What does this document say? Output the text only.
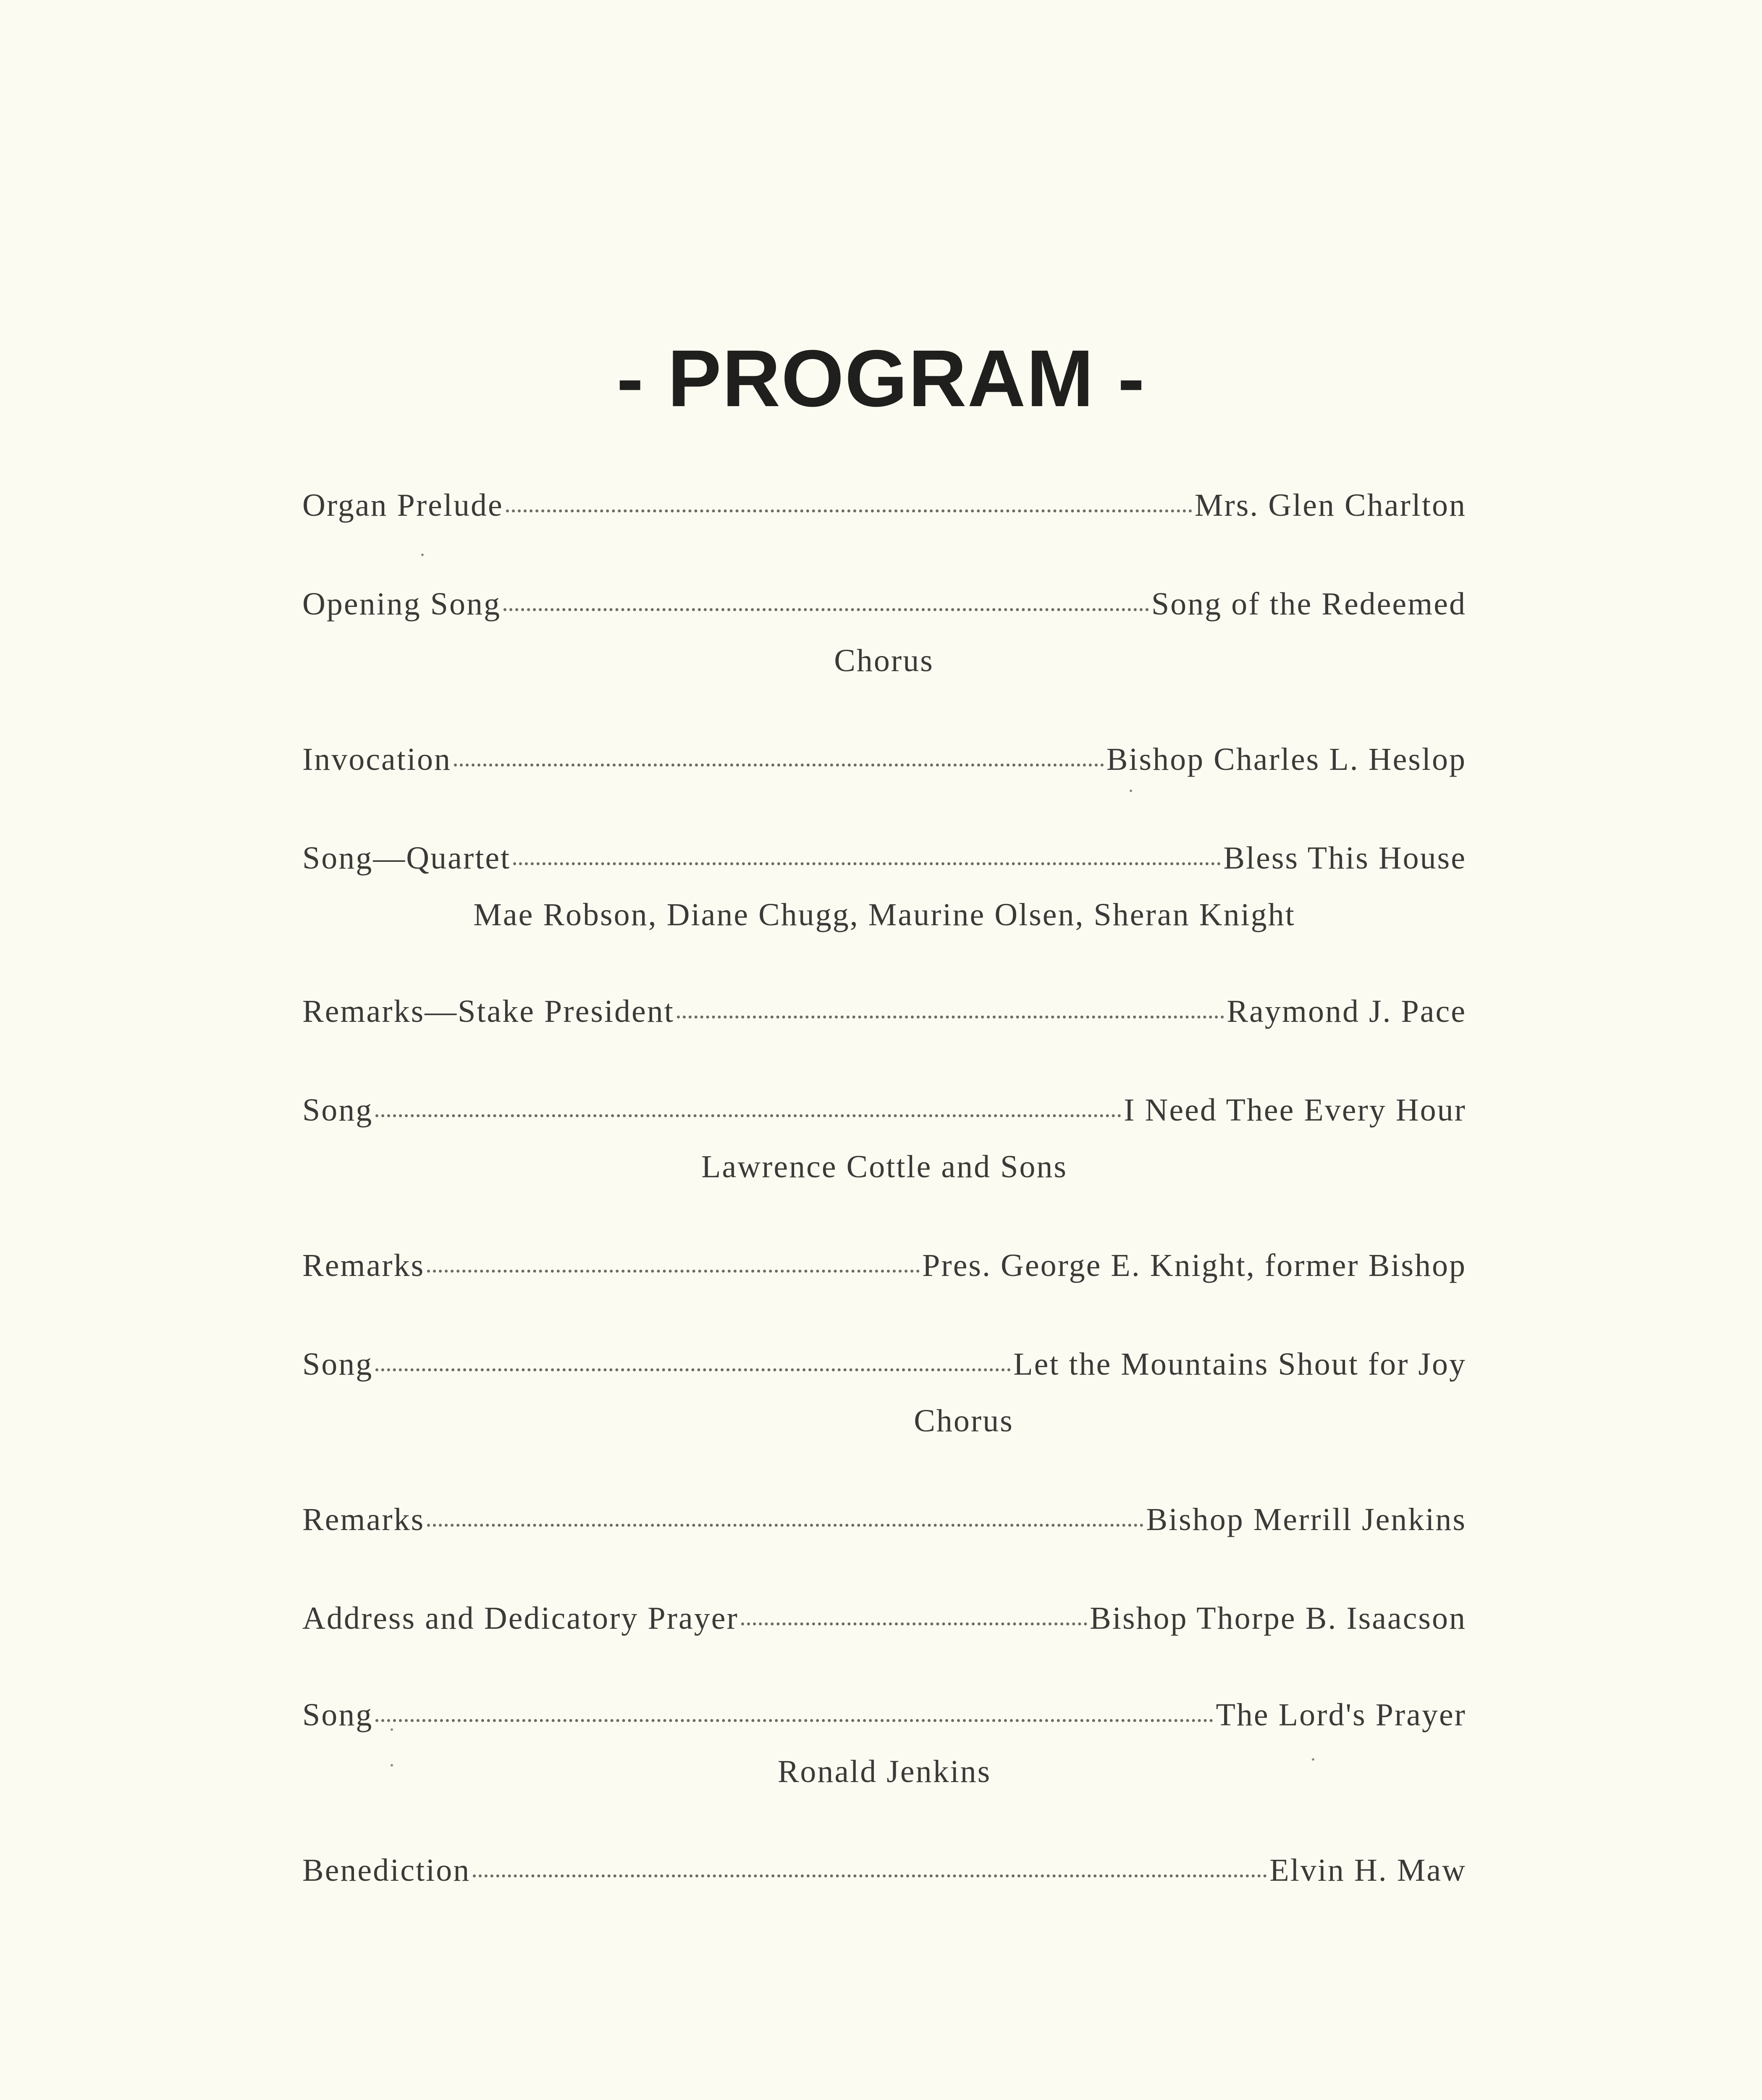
- PROGRAM -
Organ Prelude	Mrs. Glen Charlton
Opening Song	Song of the Redeemed
Chorus
Invocation	Bishop Charles L. Heslop
Song—Quartet	Bless This House
Mae Robson, Diane Chugg, Maurine Olsen, Sheran Knight
Remarks—Stake President	Raymond J. Pace
Song	I Need Thee Every Hour
Lawrence Cottle and Sons
Remarks	Pres. George E. Knight, former Bishop
Song	Let the Mountains Shout for Joy
Chorus
Remarks	Bishop Merrill Jenkins
Address and Dedicatory Prayer	Bishop Thorpe B. Isaacson
Song	The Lord's Prayer
Ronald Jenkins
Benediction	Elvin H. Maw
